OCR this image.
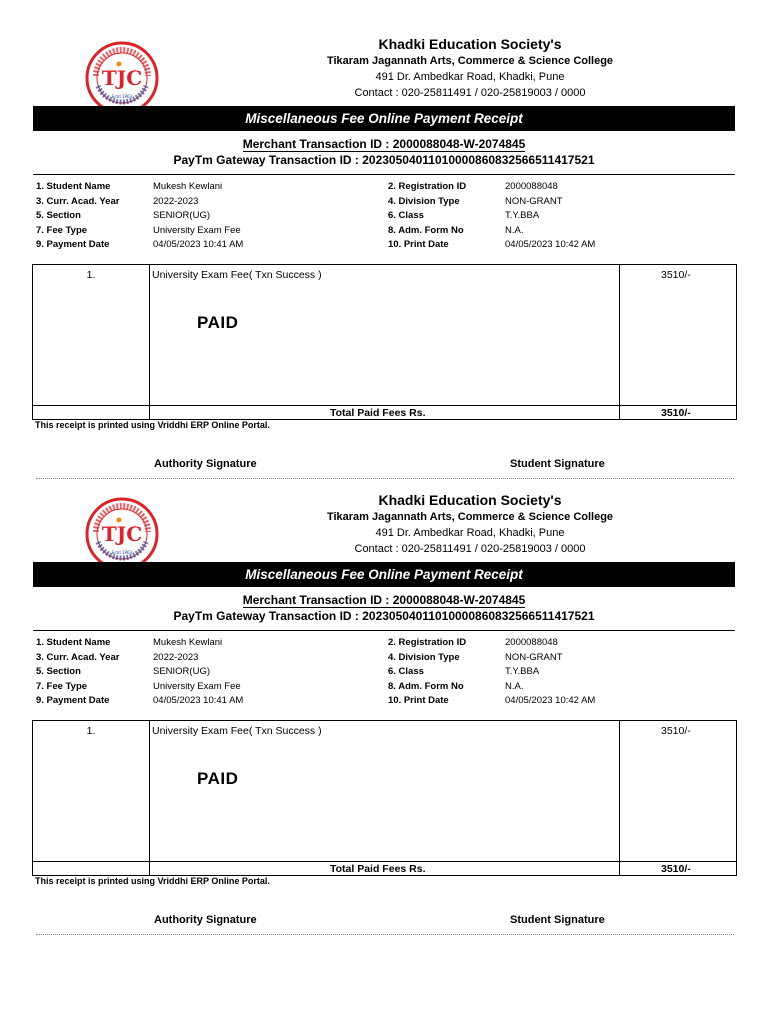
TJC
Estd.1963
Khadki Education Society's
Tikaram Jagannath Arts, Commerce & Science College
491 Dr. Ambedkar Road, Khadki, Pune
Contact : 020-25811491 / 020-25819003 / 0000
Miscellaneous Fee Online Payment Receipt
Merchant Transaction ID : 2000088048-W-2074845
PayTm Gateway Transaction ID : 20230504011010000860832566511417521
1. Student Name	Mukesh Kewlani
3. Curr. Acad. Year	2022-2023
5. Section	SENIOR(UG)
7. Fee Type	University Exam Fee
9. Payment Date	04/05/2023 10:41 AM
2. Registration ID	2000088048
4. Division Type	NON-GRANT
6. Class	T.Y.BBA
8. Adm. Form No	N.A.
10. Print Date	04/05/2023 10:42 AM
1.	University Exam Fee( Txn Success )	3510/-
PAID
Total Paid Fees Rs.	3510/-
This receipt is printed using Vriddhi ERP Online Portal.
Authority Signature	Student Signature
TJC
Estd.1963
Khadki Education Society's
Tikaram Jagannath Arts, Commerce & Science College
491 Dr. Ambedkar Road, Khadki, Pune
Contact : 020-25811491 / 020-25819003 / 0000
Miscellaneous Fee Online Payment Receipt
Merchant Transaction ID : 2000088048-W-2074845
PayTm Gateway Transaction ID : 20230504011010000860832566511417521
1. Student Name	Mukesh Kewlani
3. Curr. Acad. Year	2022-2023
5. Section	SENIOR(UG)
7. Fee Type	University Exam Fee
9. Payment Date	04/05/2023 10:41 AM
2. Registration ID	2000088048
4. Division Type	NON-GRANT
6. Class	T.Y.BBA
8. Adm. Form No	N.A.
10. Print Date	04/05/2023 10:42 AM
1.	University Exam Fee( Txn Success )	3510/-
PAID
Total Paid Fees Rs.	3510/-
This receipt is printed using Vriddhi ERP Online Portal.
Authority Signature	Student Signature
